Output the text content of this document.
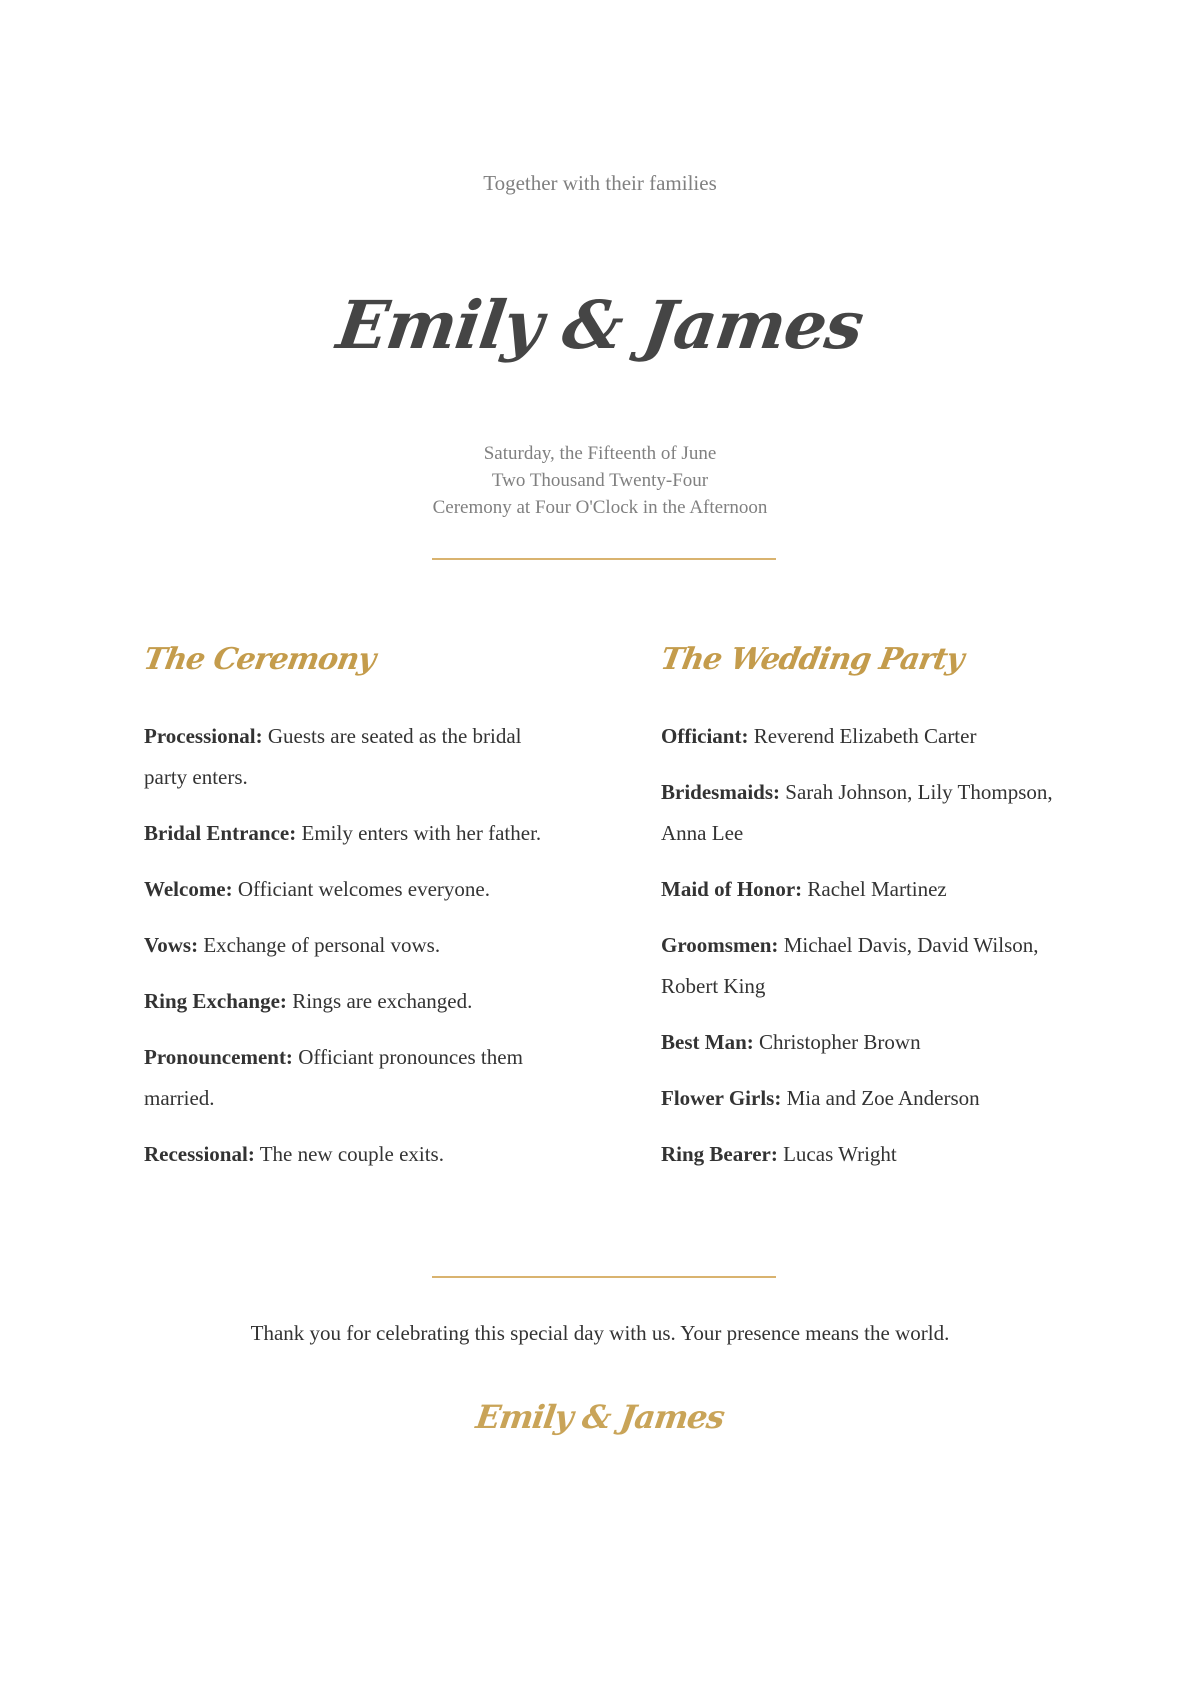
Together with their families
Emily & James
Saturday, the Fifteenth of June
Two Thousand Twenty-Four
Ceremony at Four O'Clock in the Afternoon
The Ceremony
Processional: Guests are seated as the bridal party enters.
Bridal Entrance: Emily enters with her father.
Welcome: Officiant welcomes everyone.
Vows: Exchange of personal vows.
Ring Exchange: Rings are exchanged.
Pronouncement: Officiant pronounces them married.
Recessional: The new couple exits.
The Wedding Party
Officiant: Reverend Elizabeth Carter
Bridesmaids: Sarah Johnson, Lily Thompson, Anna Lee
Maid of Honor: Rachel Martinez
Groomsmen: Michael Davis, David Wilson, Robert King
Best Man: Christopher Brown
Flower Girls: Mia and Zoe Anderson
Ring Bearer: Lucas Wright
Thank you for celebrating this special day with us. Your presence means the world.
Emily & James
